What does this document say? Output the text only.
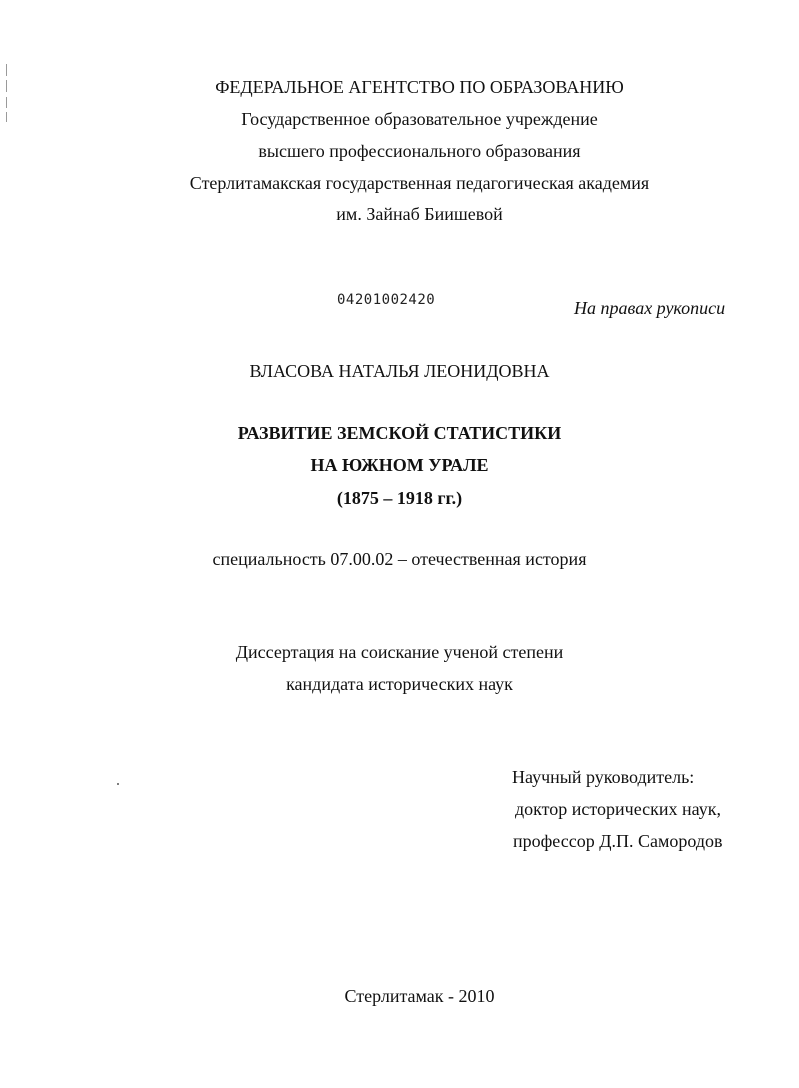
ФЕДЕРАЛЬНОЕ АГЕНТСТВО ПО ОБРАЗОВАНИЮ
Государственное образовательное учреждение
высшего профессионального образования
Стерлитамакская государственная педагогическая академия
им. Зайнаб Биишевой
04201002420	На правах рукописи
ВЛАСОВА НАТАЛЬЯ ЛЕОНИДОВНА
РАЗВИТИЕ ЗЕМСКОЙ СТАТИСТИКИ
НА ЮЖНОМ УРАЛЕ
(1875 – 1918 гг.)
специальность 07.00.02 – отечественная история
Диссертация на соискание ученой степени
кандидата исторических наук
Научный руководитель:
доктор исторических наук,
профессор Д.П. Самородов
Стерлитамак - 2010
